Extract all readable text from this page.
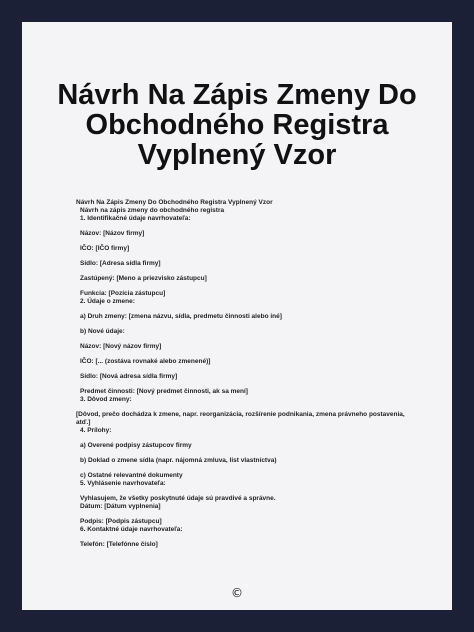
Návrh Na Zápis Zmeny Do
Obchodného Registra
Vyplnený Vzor
Návrh Na Zápis Zmeny Do Obchodného Registra Vyplnený Vzor
Návrh na zápis zmeny do obchodného registra
1. Identifikačné údaje navrhovateľa:
Názov: [Názov firmy]
IČO: [IČO firmy]
Sídlo: [Adresa sídla firmy]
Zastúpený: [Meno a priezvisko zástupcu]
Funkcia: [Pozícia zástupcu]
2. Údaje o zmene:
a) Druh zmeny: [zmena názvu, sídla, predmetu činnosti alebo iné]
b) Nové údaje:
Názov: [Nový názov firmy]
IČO: [... (zostáva rovnaké alebo zmenené)]
Sídlo: [Nová adresa sídla firmy]
Predmet činnosti: [Nový predmet činnosti, ak sa mení]
3. Dôvod zmeny:
[Dôvod, prečo dochádza k zmene, napr. reorganizácia, rozšírenie podnikania, zmena právneho postavenia, atď.]
4. Prílohy:
a) Overené podpisy zástupcov firmy
b) Doklad o zmene sídla (napr. nájomná zmluva, list vlastníctva)
c) Ostatné relevantné dokumenty
5. Vyhlásenie navrhovateľa:
Vyhlasujem, že všetky poskytnuté údaje sú pravdivé a správne.
Dátum: [Dátum vyplnenia]
Podpis: [Podpis zástupcu]
6. Kontaktné údaje navrhovateľa:
Telefón: [Telefónne číslo]
©
